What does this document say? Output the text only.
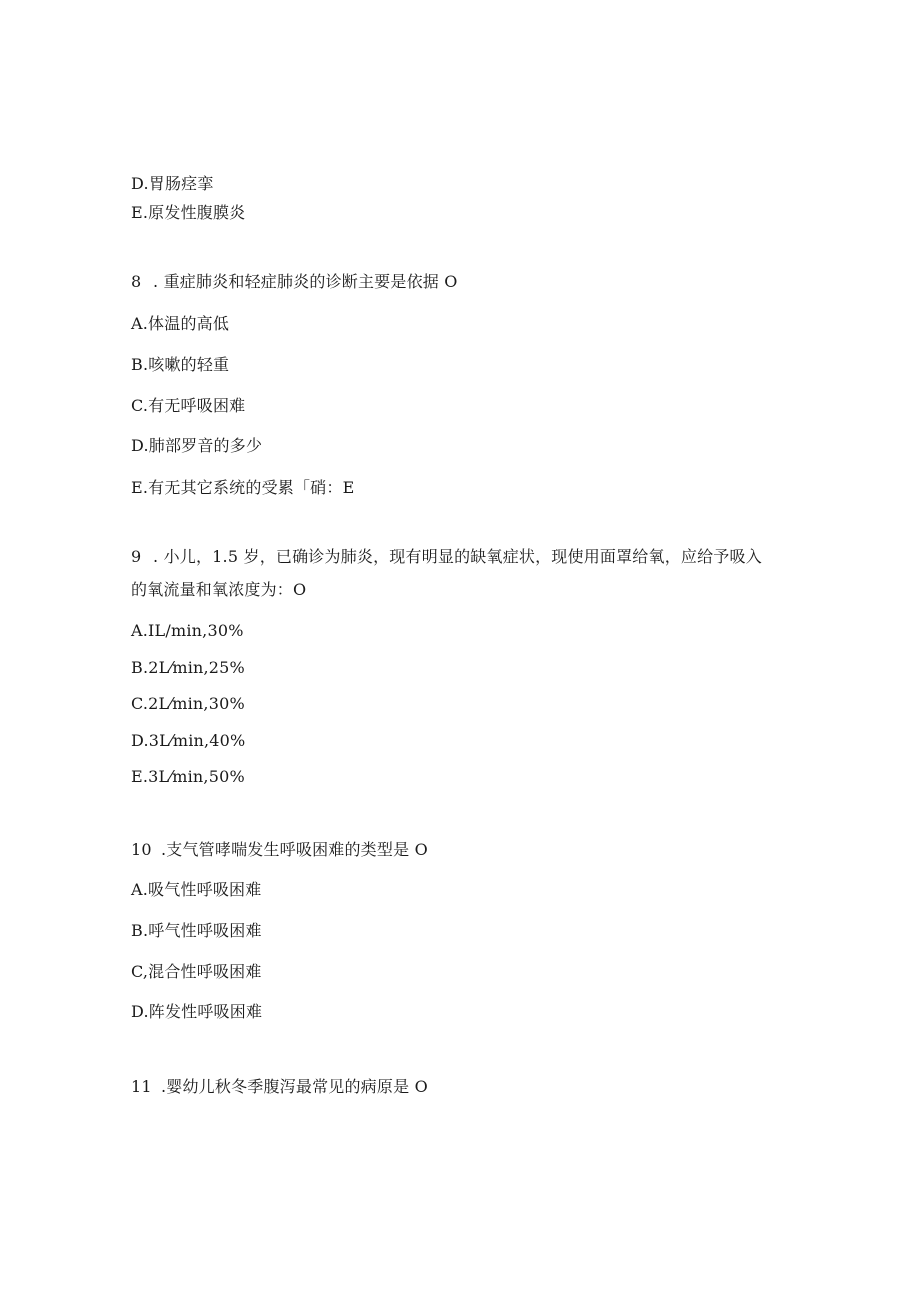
D.胃肠痉挛
E.原发性腹膜炎
8 . 重症肺炎和轻症肺炎的诊断主要是依据 O
A.体温的高低
B.咳嗽的轻重
C.有无呼吸困难
D.肺部罗音的多少
E.有无其它系统的受累「硝：E
9 . 小儿，1.5 岁，已确诊为肺炎，现有明显的缺氧症状，现使用面罩给氧，应给予吸入
的氧流量和氧浓度为：O
A.IL/min,30%
B.2L⁄min,25%
C.2L⁄min,30%
D.3L⁄min,40%
E.3L⁄min,50%
10 .支气管哮喘发生呼吸困难的类型是 O
A.吸气性呼吸困难
B.呼气性呼吸困难
C,混合性呼吸困难
D.阵发性呼吸困难
11 .婴幼儿秋冬季腹泻最常见的病原是 O
